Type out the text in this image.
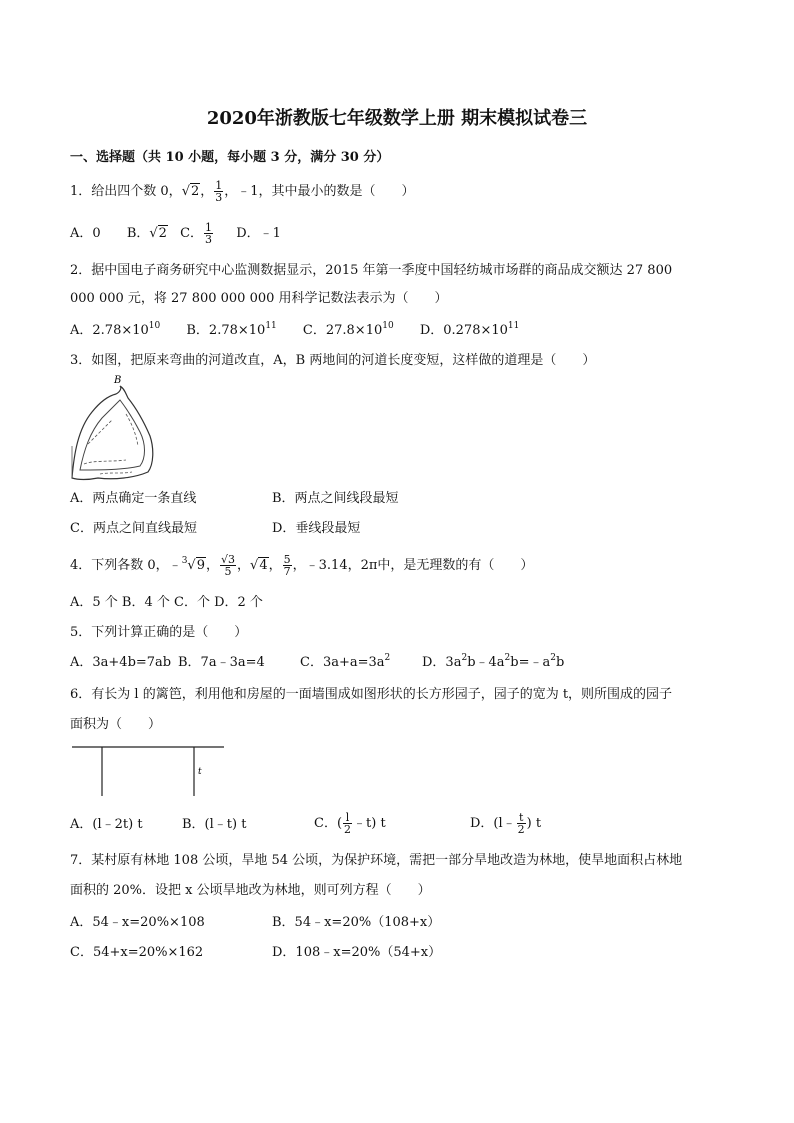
2020年浙教版七年级数学上册 期末模拟试卷三
一、选择题（共 10 小题，每小题 3 分，满分 30 分）
1．给出四个数 0，√2， $\frac{1}{3}$ ，﹣1，其中最小的数是（　　）
A．0 B．√2 C． $\frac{1}{3}$ D．﹣1
2．据中国电子商务研究中心监测数据显示，2015 年第一季度中国轻纺城市场群的商品成交额达 27 800
000 000 元，将 27 800 000 000 用科学记数法表示为（　　）
A．$2.78\times 10^{10}$ B．$2.78\times 10^{11}$ C．$27.8\times 10^{10}$ D．$0.278\times 10^{11}$
3．如图，把原来弯曲的河道改直，A，B 两地间的河道长度变短，这样做的道理是（　　）
B
A．两点确定一条直线	B．两点之间线段最短
C．两点之间直线最短	D．垂线段最短
4．下列各数 0，﹣$^3$√9， $\frac{√3}{5}$ ，√4， $\frac{5}{7}$ ，﹣3.14，2π中，是无理数的有（　　）
A．5 个 B．4 个 C．个 D．2 个
5．下列计算正确的是（　　）
A．3a+4b=7ab B．7a﹣3a=4	C．$3a+a=3a^2$ D．$3a^2b﹣4a^2b=﹣a^2b$
6．有长为 l 的篱笆，利用他和房屋的一面墙围成如图形状的长方形园子，园子的宽为 t，则所围成的园子
面积为（　　）
t
A．(l﹣2t) t	B．(l﹣t) t	C．( $\frac{l}{2}$ ﹣t) t	D．(l﹣ $\frac{t}{2}$ ) t
7．某村原有林地 108 公顷，旱地 54 公顷，为保护环境，需把一部分旱地改造为林地，使旱地面积占林地
面积的 20%．设把 x 公顷旱地改为林地，则可列方程（　　）
A．54﹣x=20%×108	B．54﹣x=20%（108+x）
C．54+x=20%×162	D．108﹣x=20%（54+x）
